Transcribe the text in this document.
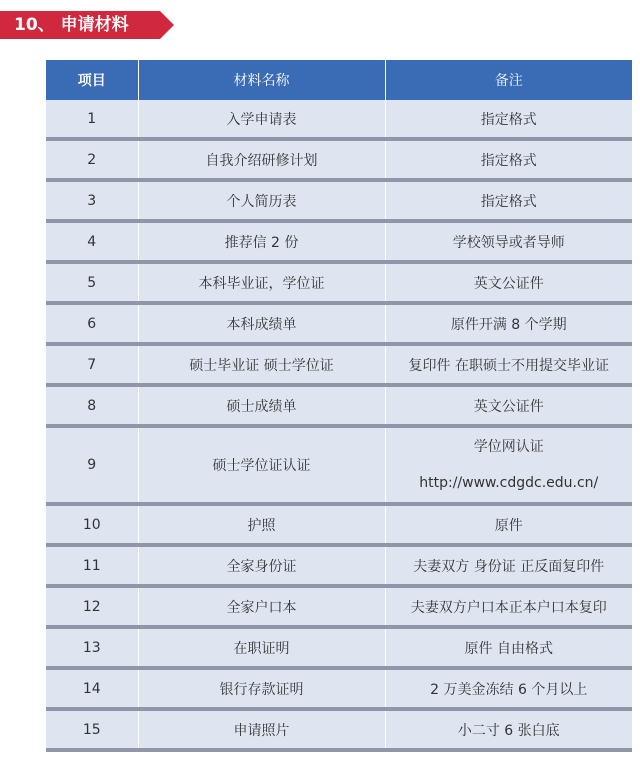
10、 申请材料
项目	材料名称	备注
1	入学申请表	指定格式
2	自我介绍研修计划	指定格式
3	个人简历表	指定格式
4	推荐信 2 份	学校领导或者导师
5	本科毕业证，学位证	英文公证件
6	本科成绩单	原件开满 8 个学期
7	硕士毕业证 硕士学位证	复印件 在职硕士不用提交毕业证
8	硕士成绩单	英文公证件
9	硕士学位证认证	学位网认证
http://www.cdgdc.edu.cn/

10	护照	原件
11	全家身份证	夫妻双方 身份证 正反面复印件
12	全家户口本	夫妻双方户口本正本户口本复印
13	在职证明	原件 自由格式
14	银行存款证明	2 万美金冻结 6 个月以上
15	申请照片	小二寸 6 张白底
